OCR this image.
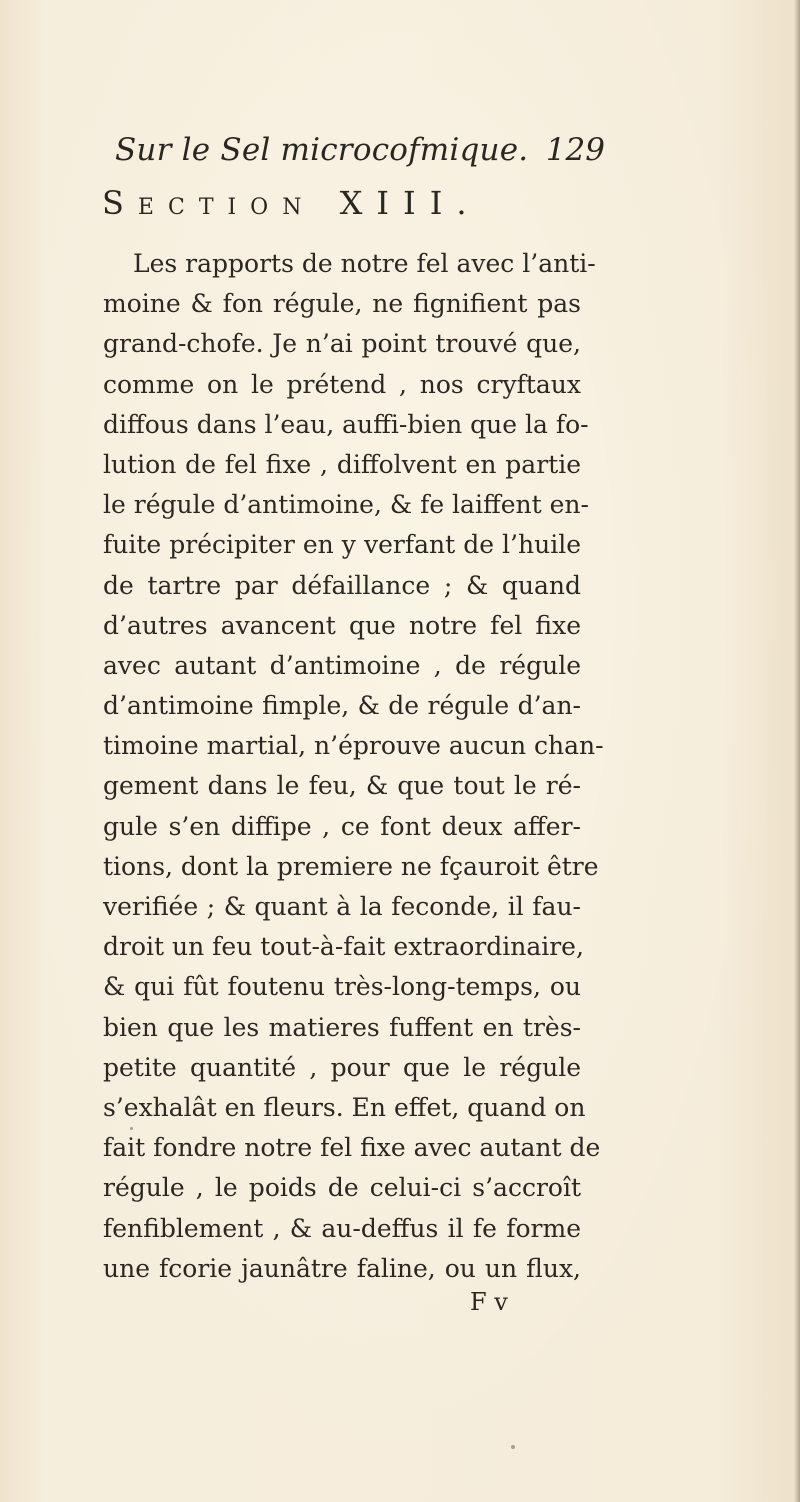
Sur le Sel microcofmique. 129
Section XIII.
Les rapports de notre fel avec l’anti-
moine & fon régule, ne fignifient pas
grand-chofe. Je n’ai point trouvé que,
comme on le prétend , nos cryftaux
diffous dans l’eau, auffi-bien que la fo-
lution de fel fixe , diffolvent en partie
le régule d’antimoine, & fe laiffent en-
fuite précipiter en y verfant de l’huile
de tartre par défaillance ; & quand
d’autres avancent que notre fel fixe
avec autant d’antimoine , de régule
d’antimoine fimple, & de régule d’an-
timoine martial, n’éprouve aucun chan-
gement dans le feu, & que tout le ré-
gule s’en diffipe , ce font deux affer-
tions, dont la premiere ne fçauroit être
verifiée ; & quant à la feconde, il fau-
droit un feu tout-à-fait extraordinaire,
& qui fût foutenu très-long-temps, ou
bien que les matieres fuffent en très-
petite quantité , pour que le régule
s’exhalât en fleurs. En effet, quand on
fait fondre notre fel fixe avec autant de
régule , le poids de celui-ci s’accroît
fenfiblement , & au-deffus il fe forme
une fcorie jaunâtre faline, ou un flux,
F v
